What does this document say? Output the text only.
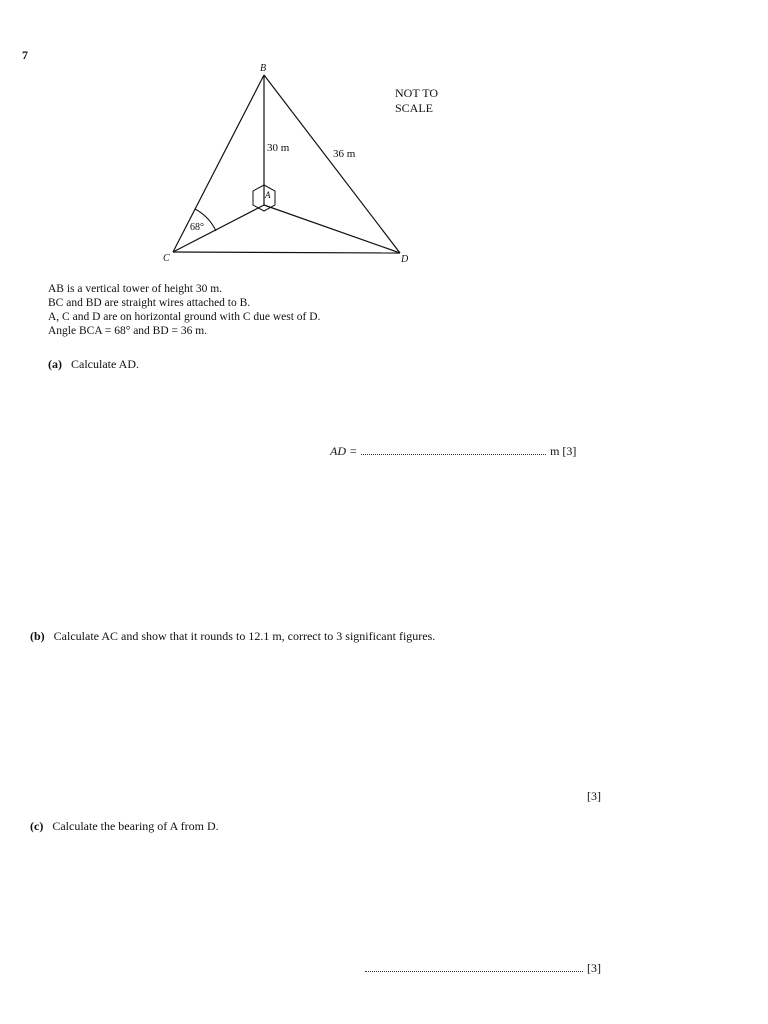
7
B
A
C	D
30 m	36 m
68°
NOT TO
SCALE
AB is a vertical tower of height 30 m.
BC and BD are straight wires attached to B.
A, C and D are on horizontal ground with C due west of D.
Angle BCA = 68° and BD = 36 m.
(a) Calculate AD.
AD =	m [3]
(b) Calculate AC and show that it rounds to 12.1 m, correct to 3 significant figures.
[3]
(c) Calculate the bearing of A from D.
[3]
